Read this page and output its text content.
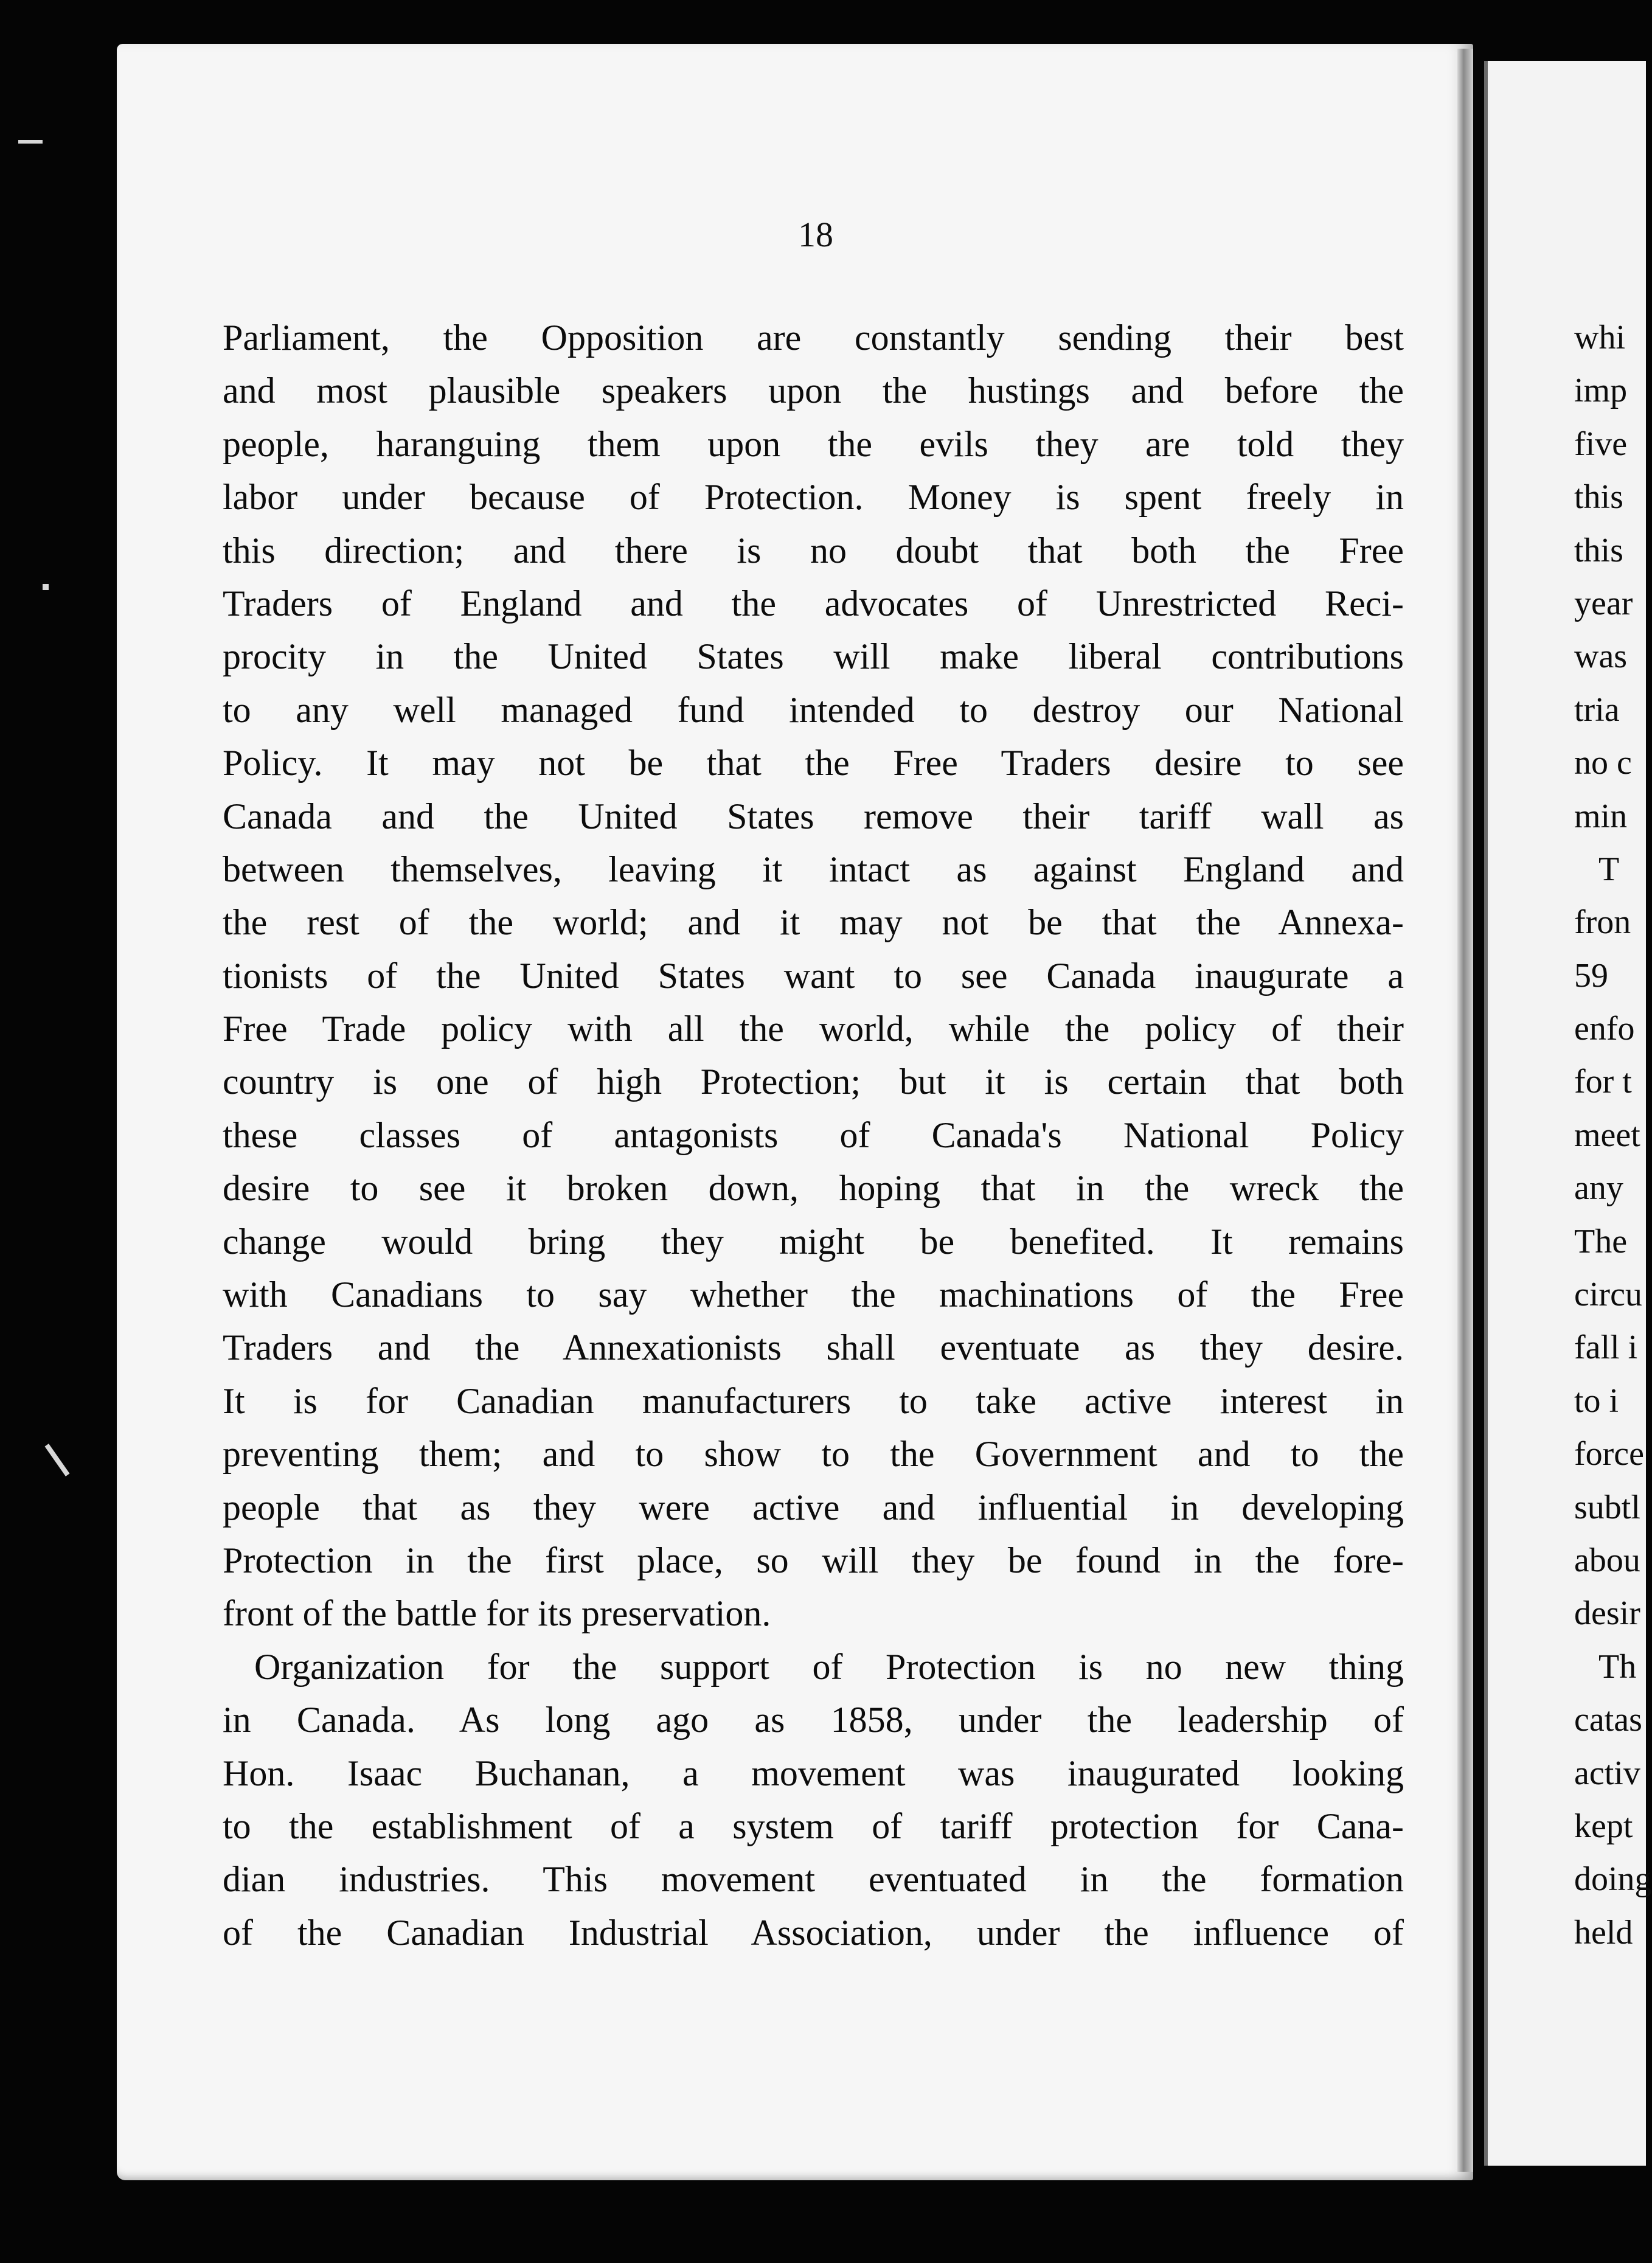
18
Parliament, the Opposition are constantly sending their best
and most plausible speakers upon the hustings and before the
people, haranguing them upon the evils they are told they
labor under because of Protection. Money is spent freely in
this direction; and there is no doubt that both the Free
Traders of England and the advocates of Unrestricted Reci-
procity in the United States will make liberal contributions
to any well managed fund intended to destroy our National
Policy. It may not be that the Free Traders desire to see
Canada and the United States remove their tariff wall as
between themselves, leaving it intact as against England and
the rest of the world; and it may not be that the Annexa-
tionists of the United States want to see Canada inaugurate a
Free Trade policy with all the world, while the policy of their
country is one of high Protection; but it is certain that both
these classes of antagonists of Canada's National Policy
desire to see it broken down, hoping that in the wreck the
change would bring they might be benefited. It remains
with Canadians to say whether the machinations of the Free
Traders and the Annexationists shall eventuate as they desire.
It is for Canadian manufacturers to take active interest in
preventing them; and to show to the Government and to the
people that as they were active and influential in developing
Protection in the first place, so will they be found in the fore-
front of the battle for its preservation.
Organization for the support of Protection is no new thing
in Canada. As long ago as 1858, under the leadership of
Hon. Isaac Buchanan, a movement was inaugurated looking
to the establishment of a system of tariff protection for Cana-
dian industries. This movement eventuated in the formation
of the Canadian Industrial Association, under the influence of
whi
imp
five
this
this
year
was
tria
no c
min
T
fron
59
enfo
for t
meet
any
The
circu
fall i
to i
force
subtl
abou
desir
Th
catas
activ
kept
doing
held
